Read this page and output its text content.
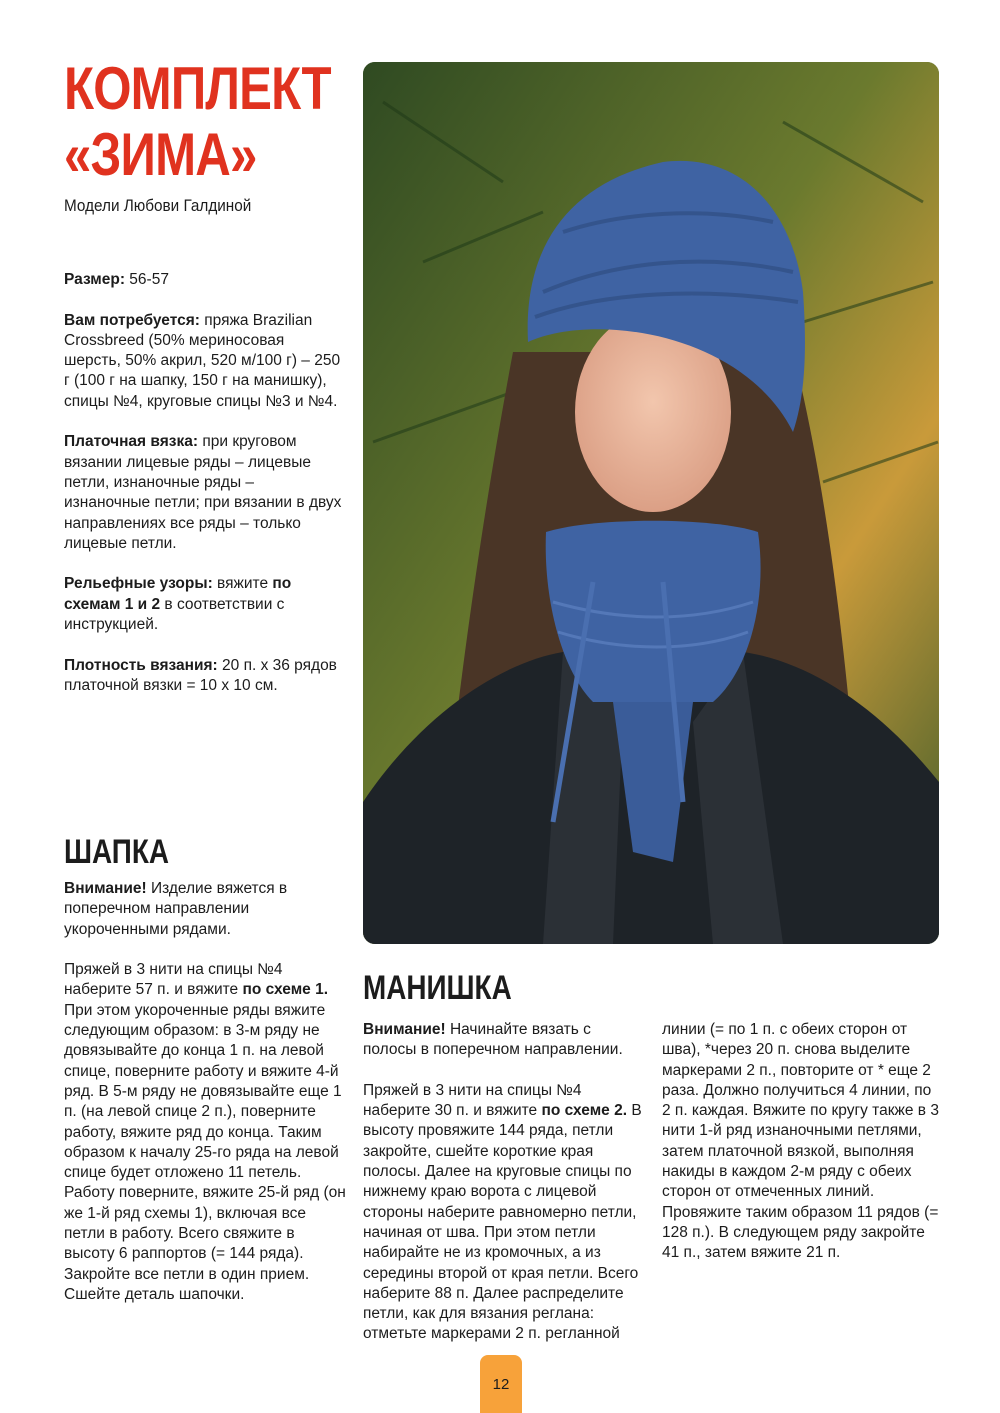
КОМПЛЕКТ
«ЗИМА»
Модели Любови Галдиной

Размер: 56-57

Вам потребуется: пряжа Brazilian Crossbreed (50% мериносовая шерсть, 50% акрил, 520 м/100 г) – 250 г (100 г на шапку, 150 г на манишку), спицы №4, круговые спицы №3 и №4.

Платочная вязка: при круговом вязании лицевые ряды – лицевые петли, изнаночные ряды – изнаночные петли; при вязании в двух направлениях все ряды – только лицевые петли.

Рельефные узоры: вяжите по схемам 1 и 2 в соответствии с инструкцией.

Плотность вязания: 20 п. х 36 рядов платочной вязки = 10 х 10 см.

ШАПКА

Внимание! Изделие вяжется в поперечном направлении укороченными рядами.

Пряжей в 3 нити на спицы №4 наберите 57 п. и вяжите по схеме 1. При этом укороченные ряды вяжите следующим образом: в 3-м ряду не довязывайте до конца 1 п. на левой спице, поверните работу и вяжите 4-й ряд. В 5-м ряду не довязывайте еще 1 п. (на левой спице 2 п.), поверните работу, вяжите ряд до конца. Таким образом к началу 25-го ряда на левой спице будет отложено 11 петель. Работу поверните, вяжите 25-й ряд (он же 1-й ряд схемы 1), включая все петли в работу. Всего свяжите в высоту 6 раппортов (= 144 ряда). Закройте все петли в один прием. Сшейте деталь шапочки.

МАНИШКА

Внимание! Начинайте вязать с полосы в поперечном направлении.

Пряжей в 3 нити на спицы №4 наберите 30 п. и вяжите по схеме 2. В высоту провяжите 144 ряда, петли закройте, сшейте короткие края полосы. Далее на круговые спицы по нижнему краю ворота с лицевой стороны наберите равномерно петли, начиная от шва. При этом петли набирайте не из кромочных, а из середины второй от края петли. Всего наберите 88 п. Далее распределите петли, как для вязания реглана: отметьте маркерами 2 п. регланной

линии (= по 1 п. с обеих сторон от шва), *через 20 п. снова выделите маркерами 2 п., повторите от * еще 2 раза. Должно получиться 4 линии, по 2 п. каждая. Вяжите по кругу также в 3 нити 1-й ряд изнаночными петлями, затем платочной вязкой, выполняя накиды в каждом 2-м ряду с обеих сторон от отмеченных линий. Провяжите таким образом 11 рядов (= 128 п.). В следующем ряду закройте 41 п., затем вяжите 21 п.

12
